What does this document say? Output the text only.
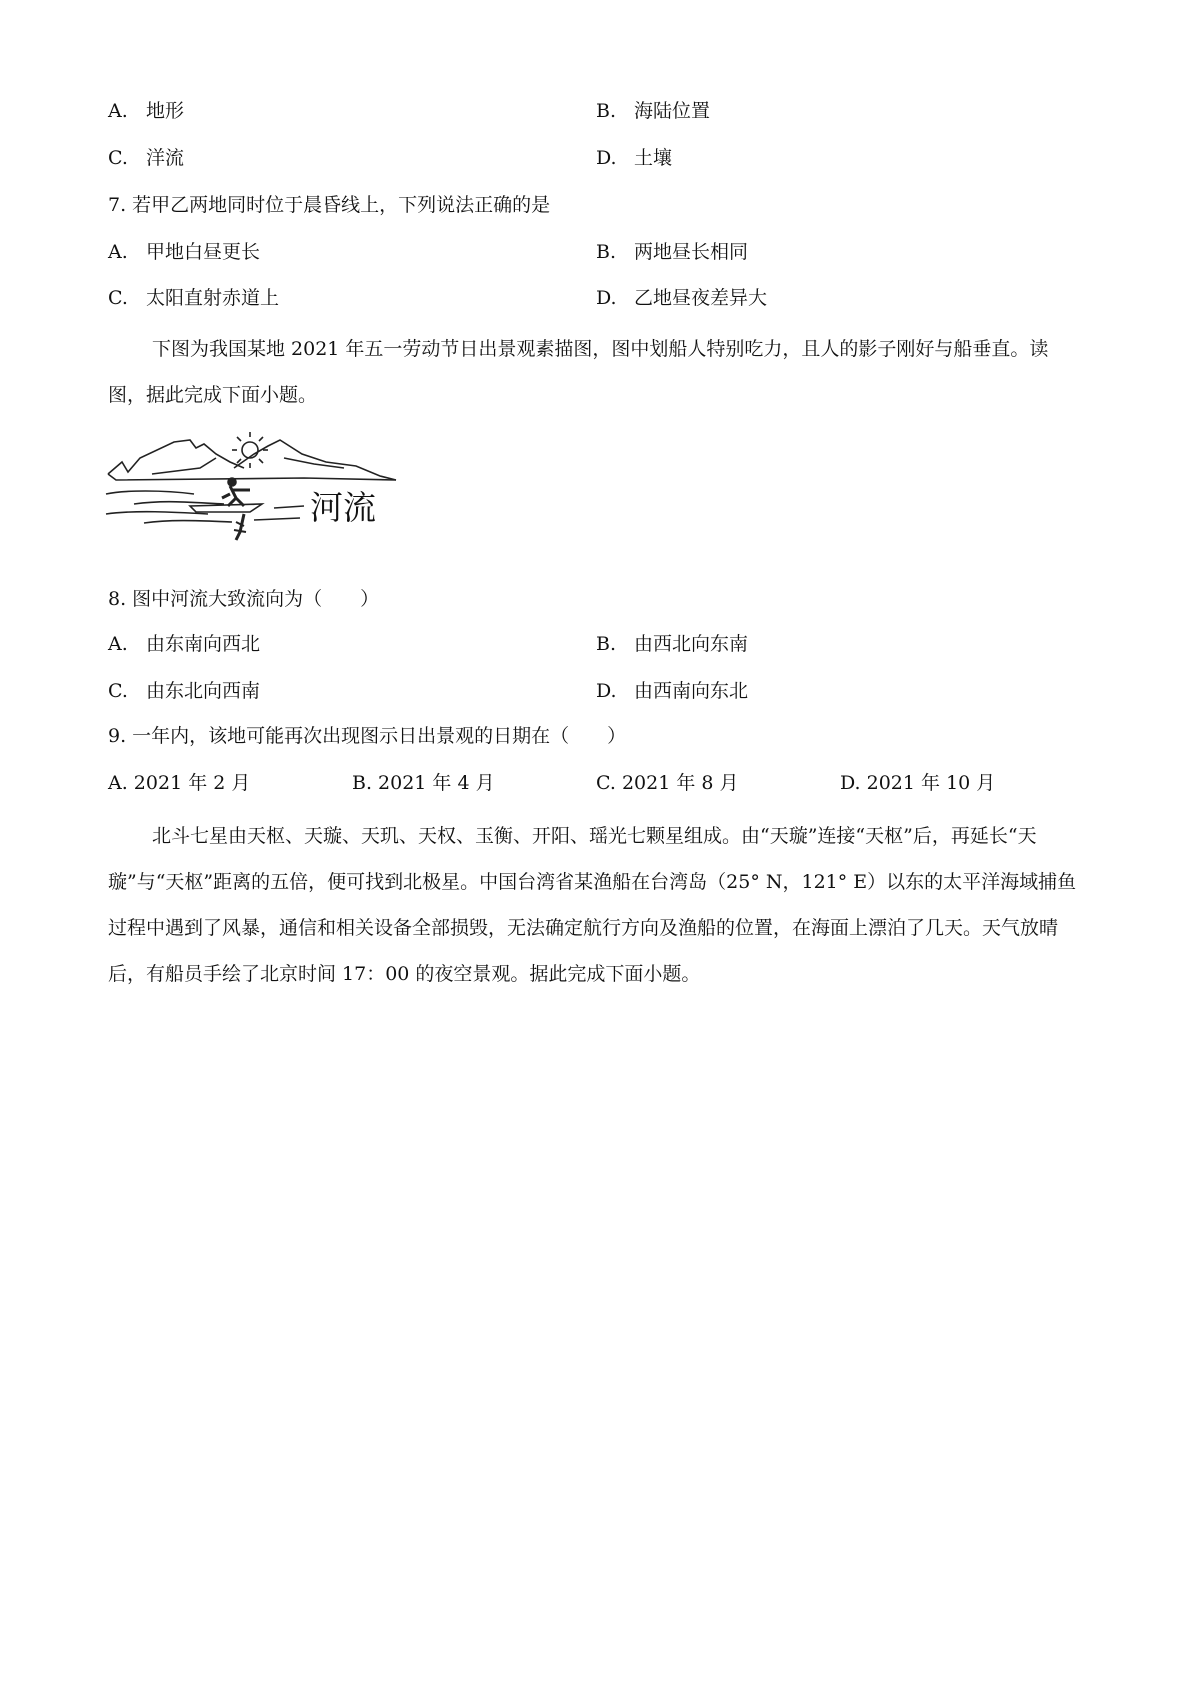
A. 地形	B. 海陆位置
C. 洋流	D. 土壤
7. 若甲乙两地同时位于晨昏线上，下列说法正确的是
A. 甲地白昼更长	B. 两地昼长相同
C. 太阳直射赤道上	D. 乙地昼夜差异大
下图为我国某地 2021 年五一劳动节日出景观素描图，图中划船人特别吃力，且人的影子刚好与船垂直。读图，据此完成下面小题。
河流
8. 图中河流大致流向为（　　）
A. 由东南向西北	B. 由西北向东南
C. 由东北向西南	D. 由西南向东北
9. 一年内，该地可能再次出现图示日出景观的日期在（　　）
A. 2021 年 2 月	B. 2021 年 4 月	C. 2021 年 8 月	D. 2021 年 10 月
北斗七星由天枢、天璇、天玑、天权、玉衡、开阳、瑶光七颗星组成。由“天璇”连接“天枢”后，再延长“天璇”与“天枢”距离的五倍，便可找到北极星。中国台湾省某渔船在台湾岛（25° N，121° E）以东的太平洋海域捕鱼过程中遇到了风暴，通信和相关设备全部损毁，无法确定航行方向及渔船的位置，在海面上漂泊了几天。天气放晴后，有船员手绘了北京时间 17：00 的夜空景观。据此完成下面小题。
